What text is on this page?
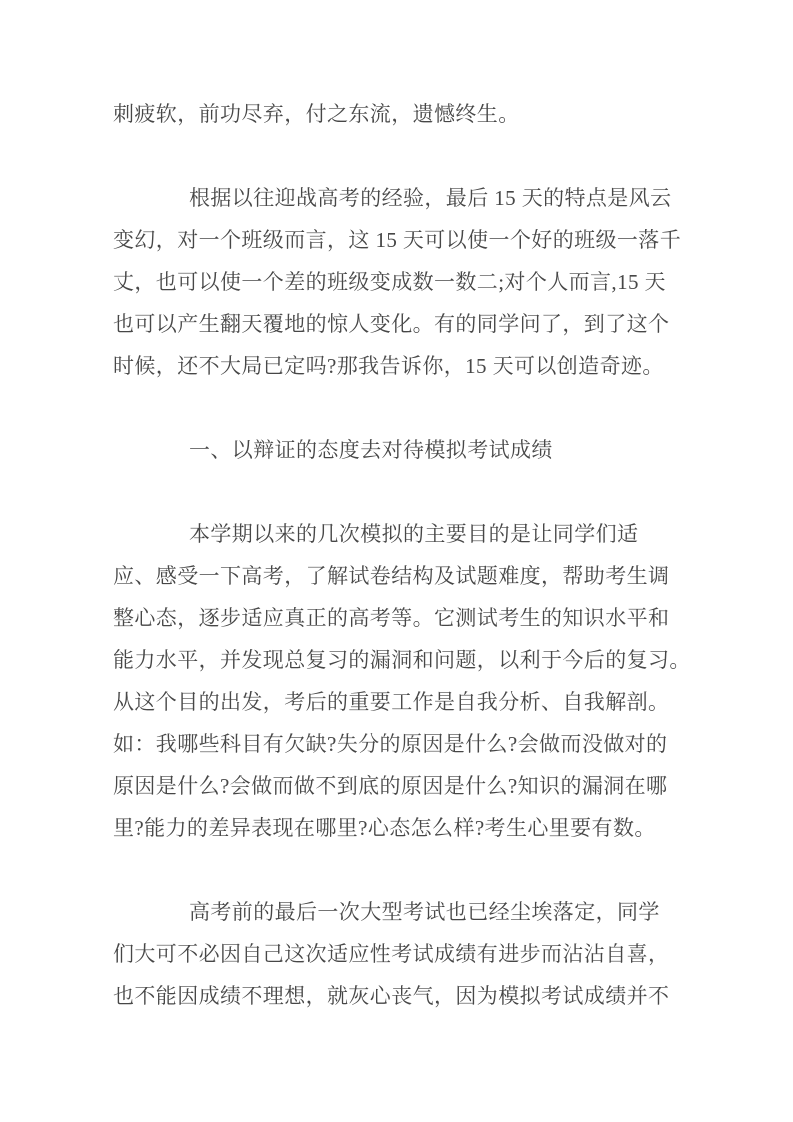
刺疲软，前功尽弃，付之东流，遗憾终生。
根据以往迎战高考的经验，最后 15 天的特点是风云
变幻，对一个班级而言，这 15 天可以使一个好的班级一落千
丈，也可以使一个差的班级变成数一数二;对个人而言,15 天
也可以产生翻天覆地的惊人变化。有的同学问了，到了这个
时候，还不大局已定吗?那我告诉你，15 天可以创造奇迹。
一、以辩证的态度去对待模拟考试成绩
本学期以来的几次模拟的主要目的是让同学们适
应、感受一下高考，了解试卷结构及试题难度，帮助考生调
整心态，逐步适应真正的高考等。它测试考生的知识水平和
能力水平，并发现总复习的漏洞和问题，以利于今后的复习。
从这个目的出发，考后的重要工作是自我分析、自我解剖。
如：我哪些科目有欠缺?失分的原因是什么?会做而没做对的
原因是什么?会做而做不到底的原因是什么?知识的漏洞在哪
里?能力的差异表现在哪里?心态怎么样?考生心里要有数。
高考前的最后一次大型考试也已经尘埃落定，同学
们大可不必因自己这次适应性考试成绩有进步而沾沾自喜，
也不能因成绩不理想，就灰心丧气，因为模拟考试成绩并不
